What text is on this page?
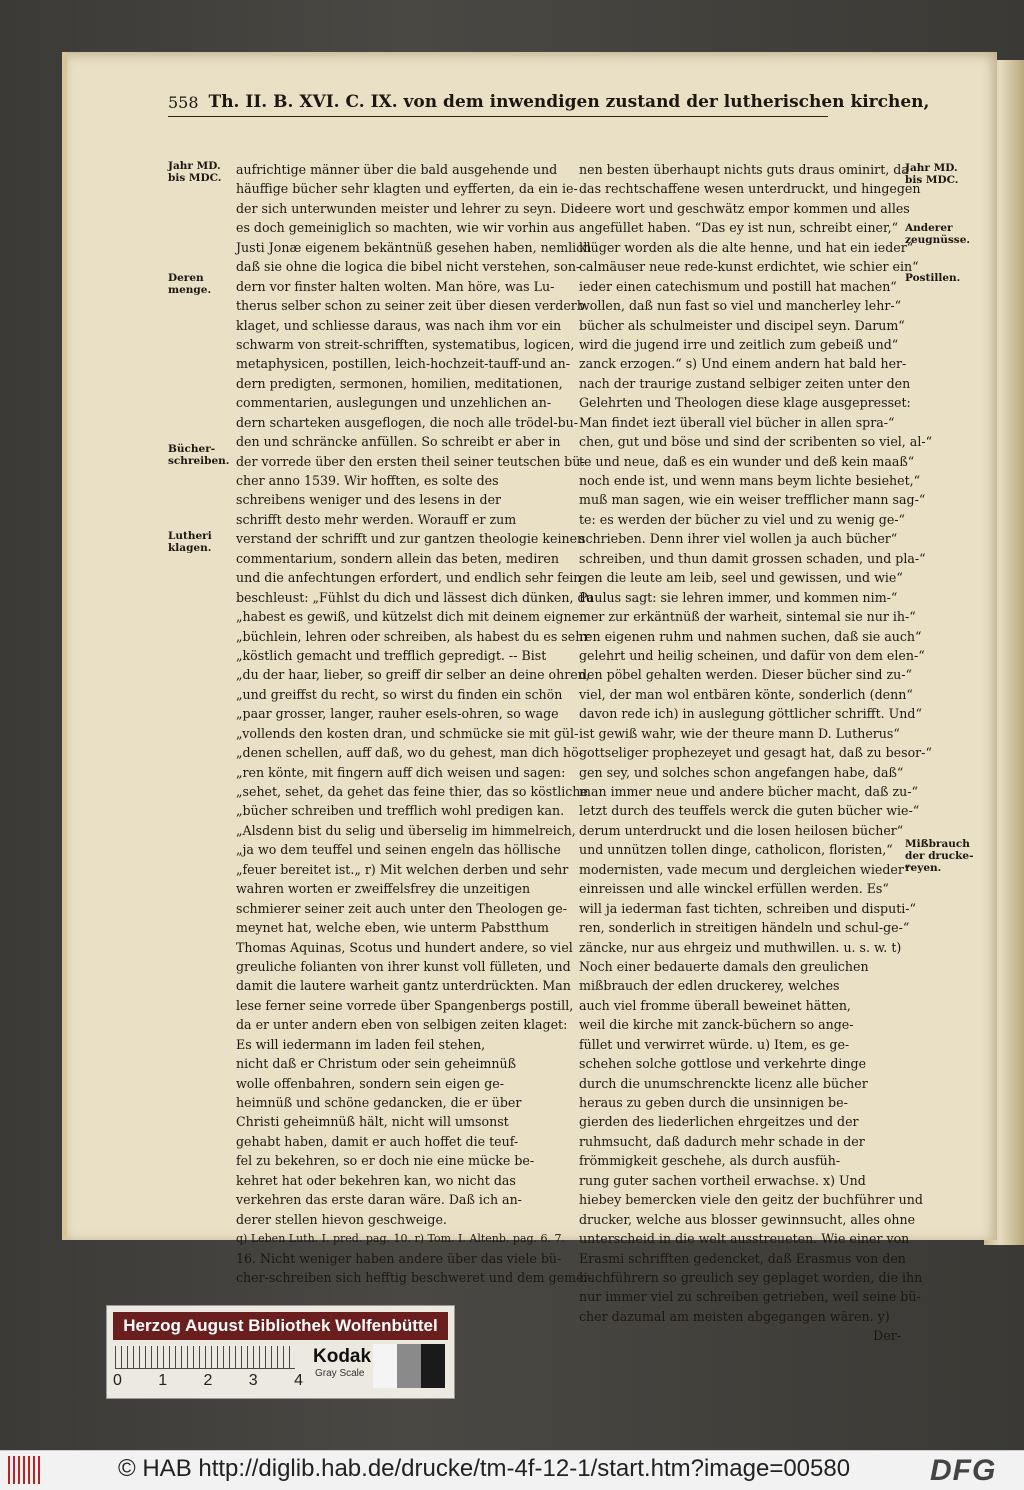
558 Th. II. B. XVI. C. IX. von dem inwendigen zustand der lutherischen kirchen,
Jahr MD.
bis MDC.
Deren
menge.
Bücher-
schreiben.
Lutheri
klagen.
Jahr MD.
bis MDC.
Anderer
zeugnüsse.
Postillen.
Mißbrauch
der drucke-
reyen.
aufrichtige männer über die bald ausgehende und
häuffige bücher sehr klagten und eyfferten, da ein ie-
der sich unterwunden meister und lehrer zu seyn. Die
es doch gemeiniglich so machten, wie wir vorhin aus
Justi Jonæ eigenem bekäntnüß gesehen haben, nemlich
daß sie ohne die logica die bibel nicht verstehen, son-
dern vor finster halten wolten. Man höre, was Lu-
therus selber schon zu seiner zeit über diesen verderb
klaget, und schliesse daraus, was nach ihm vor ein
schwarm von streit-schrifften, systematibus, logicen,
metaphysicen, postillen, leich-hochzeit-tauff-und an-
dern predigten, sermonen, homilien, meditationen,
commentarien, auslegungen und unzehlichen an-
dern scharteken ausgeflogen, die noch alle trödel-bu-
den und schräncke anfüllen. So schreibt er aber in
der vorrede über den ersten theil seiner teutschen bü-
cher anno 1539. Wir hofften, es solte des
schreibens weniger und des lesens in der
schrifft desto mehr werden. Worauff er zum
verstand der schrifft und zur gantzen theologie keinen
commentarium, sondern allein das beten, mediren
und die anfechtungen erfordert, und endlich sehr fein
beschleust: „Fühlst du dich und lässest dich dünken, du
„habest es gewiß, und kützelst dich mit deinem eignen
„büchlein, lehren oder schreiben, als habest du es sehr
„köstlich gemacht und trefflich gepredigt. -- Bist
„du der haar, lieber, so greiff dir selber an deine ohren,
„und greiffst du recht, so wirst du finden ein schön
„paar grosser, langer, rauher esels-ohren, so wage
„vollends den kosten dran, und schmücke sie mit gül-
„denen schellen, auff daß, wo du gehest, man dich hö-
„ren könte, mit fingern auff dich weisen und sagen:
„sehet, sehet, da gehet das feine thier, das so köstliche
„bücher schreiben und trefflich wohl predigen kan.
„Alsdenn bist du selig und überselig im himmelreich,
„ja wo dem teuffel und seinen engeln das höllische
„feuer bereitet ist.„ r) Mit welchen derben und sehr
wahren worten er zweiffelsfrey die unzeitigen
schmierer seiner zeit auch unter den Theologen ge-
meynet hat, welche eben, wie unterm Pabstthum
Thomas Aquinas, Scotus und hundert andere, so viel
greuliche folianten von ihrer kunst voll fülleten, und
damit die lautere warheit gantz unterdrückten. Man
lese ferner seine vorrede über Spangenbergs postill,
da er unter andern eben von selbigen zeiten klaget:
Es will iedermann im laden feil stehen,
nicht daß er Christum oder sein geheimnüß
wolle offenbahren, sondern sein eigen ge-
heimnüß und schöne gedancken, die er über
Christi geheimnüß hält, nicht will umsonst
gehabt haben, damit er auch hoffet die teuf-
fel zu bekehren, so er doch nie eine mücke be-
kehret hat oder bekehren kan, wo nicht das
verkehren das erste daran wäre. Daß ich an-
derer stellen hievon geschweige.
q) Leben Luth. I. pred. pag. 10. r) Tom. I. Altenb. pag. 6. 7.
16. Nicht weniger haben andere über das viele bü-
cher-schreiben sich hefftig beschweret und dem gemei-
nen besten überhaupt nichts guts draus ominirt, da
das rechtschaffene wesen unterdruckt, und hingegen
leere wort und geschwätz empor kommen und alles
angefüllet haben. “Das ey ist nun, schreibt einer,“
klüger worden als die alte henne, und hat ein ieder“
calmäuser neue rede-kunst erdichtet, wie schier ein“
ieder einen catechismum und postill hat machen“
wollen, daß nun fast so viel und mancherley lehr-“
bücher als schulmeister und discipel seyn. Darum“
wird die jugend irre und zeitlich zum gebeiß und“
zanck erzogen.“ s) Und einem andern hat bald her-
nach der traurige zustand selbiger zeiten unter den
Gelehrten und Theologen diese klage ausgepresset:
Man findet iezt überall viel bücher in allen spra-“
chen, gut und böse und sind der scribenten so viel, al-“
te und neue, daß es ein wunder und deß kein maaß“
noch ende ist, und wenn mans beym lichte besiehet,“
muß man sagen, wie ein weiser trefflicher mann sag-“
te: es werden der bücher zu viel und zu wenig ge-“
schrieben. Denn ihrer viel wollen ja auch bücher“
schreiben, und thun damit grossen schaden, und pla-“
gen die leute am leib, seel und gewissen, und wie“
Paulus sagt: sie lehren immer, und kommen nim-“
mer zur erkäntnüß der warheit, sintemal sie nur ih-“
ren eigenen ruhm und nahmen suchen, daß sie auch“
gelehrt und heilig scheinen, und dafür von dem elen-“
den pöbel gehalten werden. Dieser bücher sind zu-“
viel, der man wol entbären könte, sonderlich (denn“
davon rede ich) in auslegung göttlicher schrifft. Und“
ist gewiß wahr, wie der theure mann D. Lutherus“
gottseliger prophezeyet und gesagt hat, daß zu besor-“
gen sey, und solches schon angefangen habe, daß“
man immer neue und andere bücher macht, daß zu-“
letzt durch des teuffels werck die guten bücher wie-“
derum unterdruckt und die losen heilosen bücher“
und unnützen tollen dinge, catholicon, floristen,“
modernisten, vade mecum und dergleichen wieder“
einreissen und alle winckel erfüllen werden. Es“
will ja iederman fast tichten, schreiben und disputi-“
ren, sonderlich in streitigen händeln und schul-ge-“
zäncke, nur aus ehrgeiz und muthwillen. u. s. w. t)
Noch einer bedauerte damals den greulichen
mißbrauch der edlen druckerey, welches
auch viel fromme überall beweinet hätten,
weil die kirche mit zanck-büchern so ange-
füllet und verwirret würde. u) Item, es ge-
schehen solche gottlose und verkehrte dinge
durch die unumschrenckte licenz alle bücher
heraus zu geben durch die unsinnigen be-
gierden des liederlichen ehrgeitzes und der
ruhmsucht, daß dadurch mehr schade in der
frömmigkeit geschehe, als durch ausfüh-
rung guter sachen vortheil erwachse. x) Und
hiebey bemercken viele den geitz der buchführer und
drucker, welche aus blosser gewinnsucht, alles ohne
unterscheid in die welt ausstreueten. Wie einer von
Erasmi schrifften gedencket, daß Erasmus von den
buchführern so greulich sey geplaget worden, die ihn
nur immer viel zu schreiben getrieben, weil seine bü-
cher dazumal am meisten abgegangen wären. y)
Der-
Herzog August Bibliothek Wolfenbüttel
0 1 2 3 4
Kodak
Gray Scale
© HAB http://diglib.hab.de/drucke/tm-4f-12-1/start.htm?image=00580	DFG
